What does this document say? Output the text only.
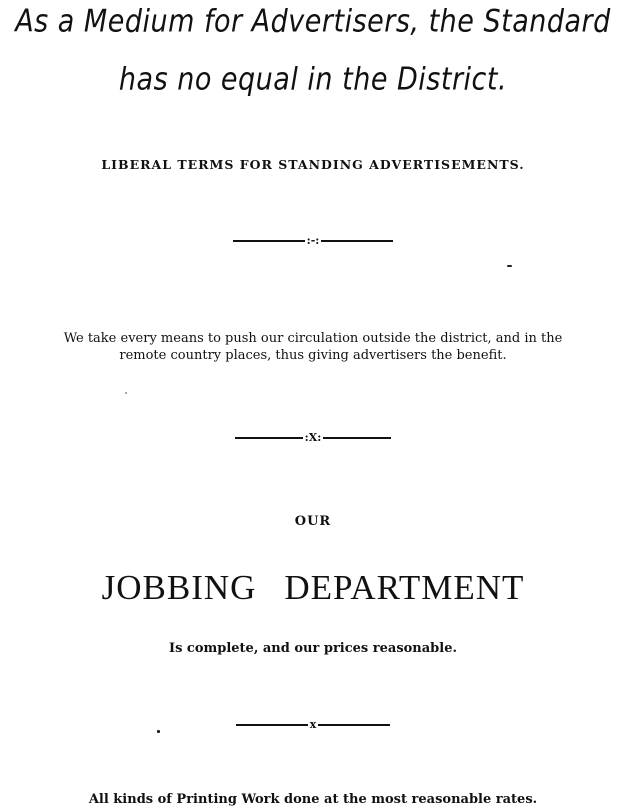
As a Medium for Advertisers, the Standard
has no equal in the District.
LIBERAL TERMS FOR STANDING ADVERTISEMENTS.
:-:
We take every means to push our circulation outside the district, and in the
remote country places, thus giving advertisers the benefit.
:X:
OUR
JOBBING DEPARTMENT
Is complete, and our prices reasonable.
x
All kinds of Printing Work done at the most reasonable rates.
